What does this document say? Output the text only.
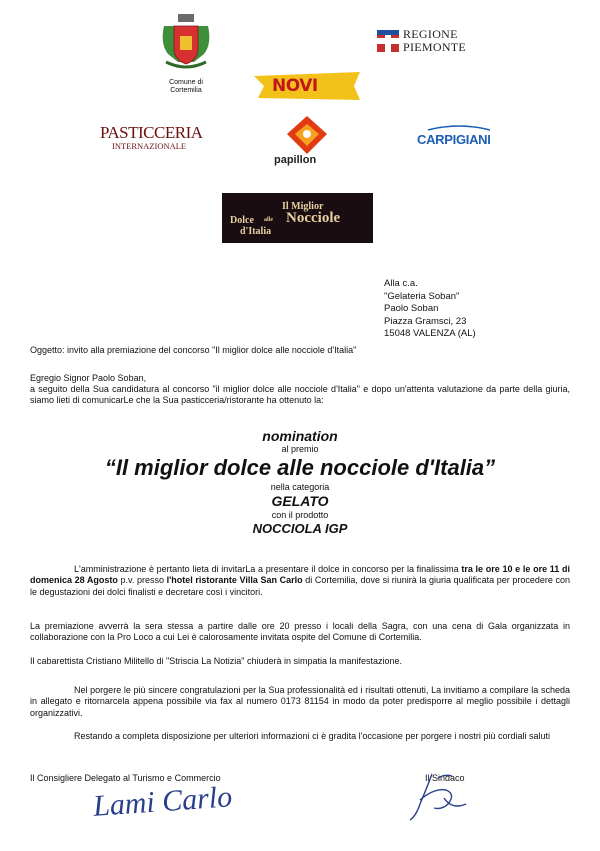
Comune di
Cortemilia
REGIONE
PIEMONTE
NOVI
PASTICCERIA
INTERNAZIONALE
papillon
CARPIGIANI
Il Miglior
Dolce alle Nocciole
d'Italia
Alla c.a.
"Gelateria Soban"
Paolo Soban
Piazza Gramsci, 23
15048 VALENZA (AL)
Oggetto: invito alla premiazione del concorso "Il miglior dolce alle nocciole d'Italia"
Egregio Signor Paolo Soban,
a seguito della Sua candidatura al concorso "il miglior dolce alle nocciole d'Italia" e dopo un'attenta valutazione da parte della giuria, siamo lieti di comunicarLe che la Sua pasticceria/ristorante ha ottenuto la:
nomination
al premio
“Il miglior dolce alle nocciole d'Italia”
nella categoria
GELATO
con il prodotto
NOCCIOLA IGP
L'amministrazione è pertanto lieta di invitarLa a presentare il dolce in concorso per la finalissima tra le ore 10 e le ore 11 di domenica 28 Agosto p.v. presso l'hotel ristorante Villa San Carlo di Cortemilia, dove si riunirà la giuria qualificata per procedere con le degustazioni dei dolci finalisti e decretare così i vincitori.
La premiazione avverrà la sera stessa a partire dalle ore 20 presso i locali della Sagra, con una cena di Gala organizzata in collaborazione con la Pro Loco a cui Lei è calorosamente invitata ospite del Comune di Cortemilia.
Il cabarettista Cristiano Militello di "Striscia La Notizia" chiuderà in simpatia la manifestazione.
Nel porgere le più sincere congratulazioni per la Sua professionalità ed i risultati ottenuti, La invitiamo a compilare la scheda in allegato e ritornarcela appena possibile via fax al numero 0173 81154 in modo da poter predisporre al meglio possibile i dettagli organizzativi.
Restando a completa disposizione per ulteriori informazioni ci è gradita l'occasione per porgere i nostri più cordiali saluti
Il Consigliere Delegato al Turismo e Commercio	Il Sindaco
Lami Carlo
